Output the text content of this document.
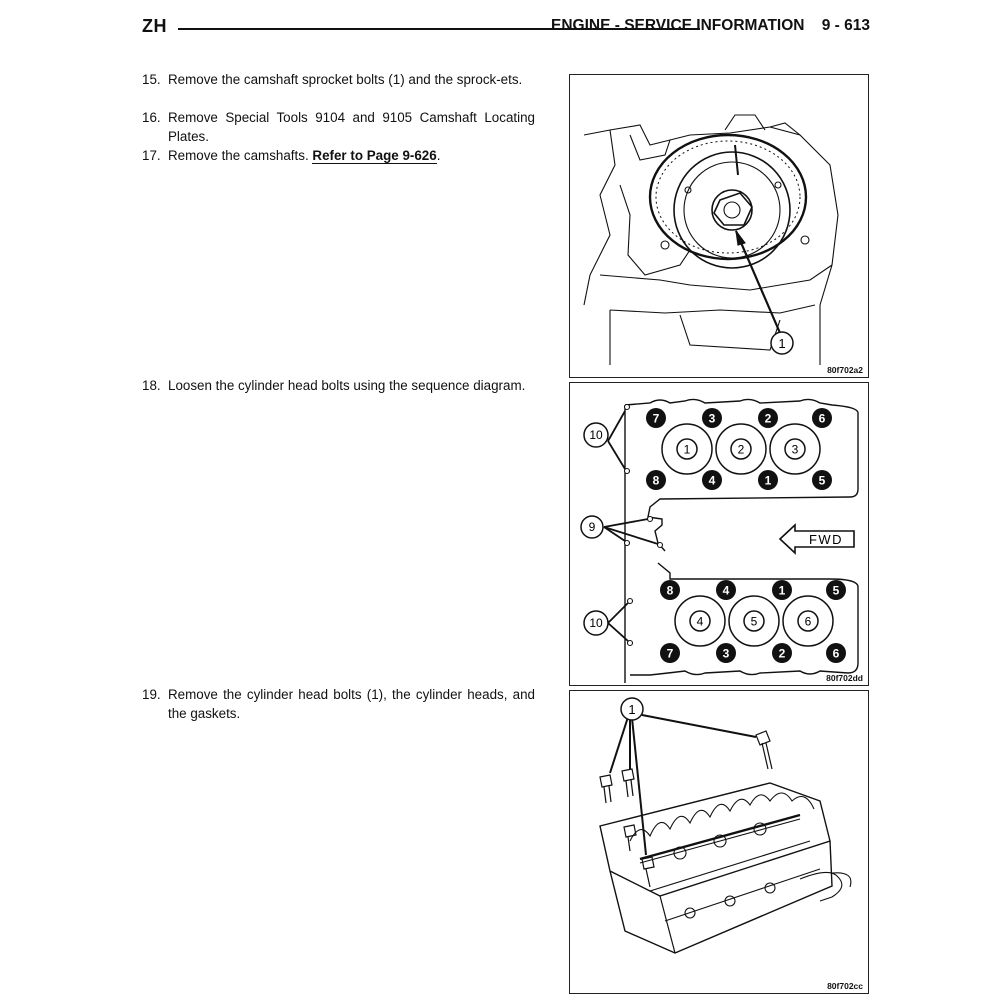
ZH	ENGINE - SERVICE INFORMATION 9 - 613
15. Remove the camshaft sprocket bolts (1) and the sprock-ets.
16. Remove Special Tools 9104 and 9105 Camshaft Locating Plates.
17. Remove the camshafts. Refer to Page 9-626.
18. Loosen the cylinder head bolts using the sequence diagram.
19. Remove the cylinder head bolts (1), the cylinder heads, and the gaskets.
1
80f702a2
1	2	3
4	5	6
7	3	2	6
8	4	1	5
8	4	1	5
7	3	2	6
10
9
10
FWD
80f702dd
1
80f702cc
